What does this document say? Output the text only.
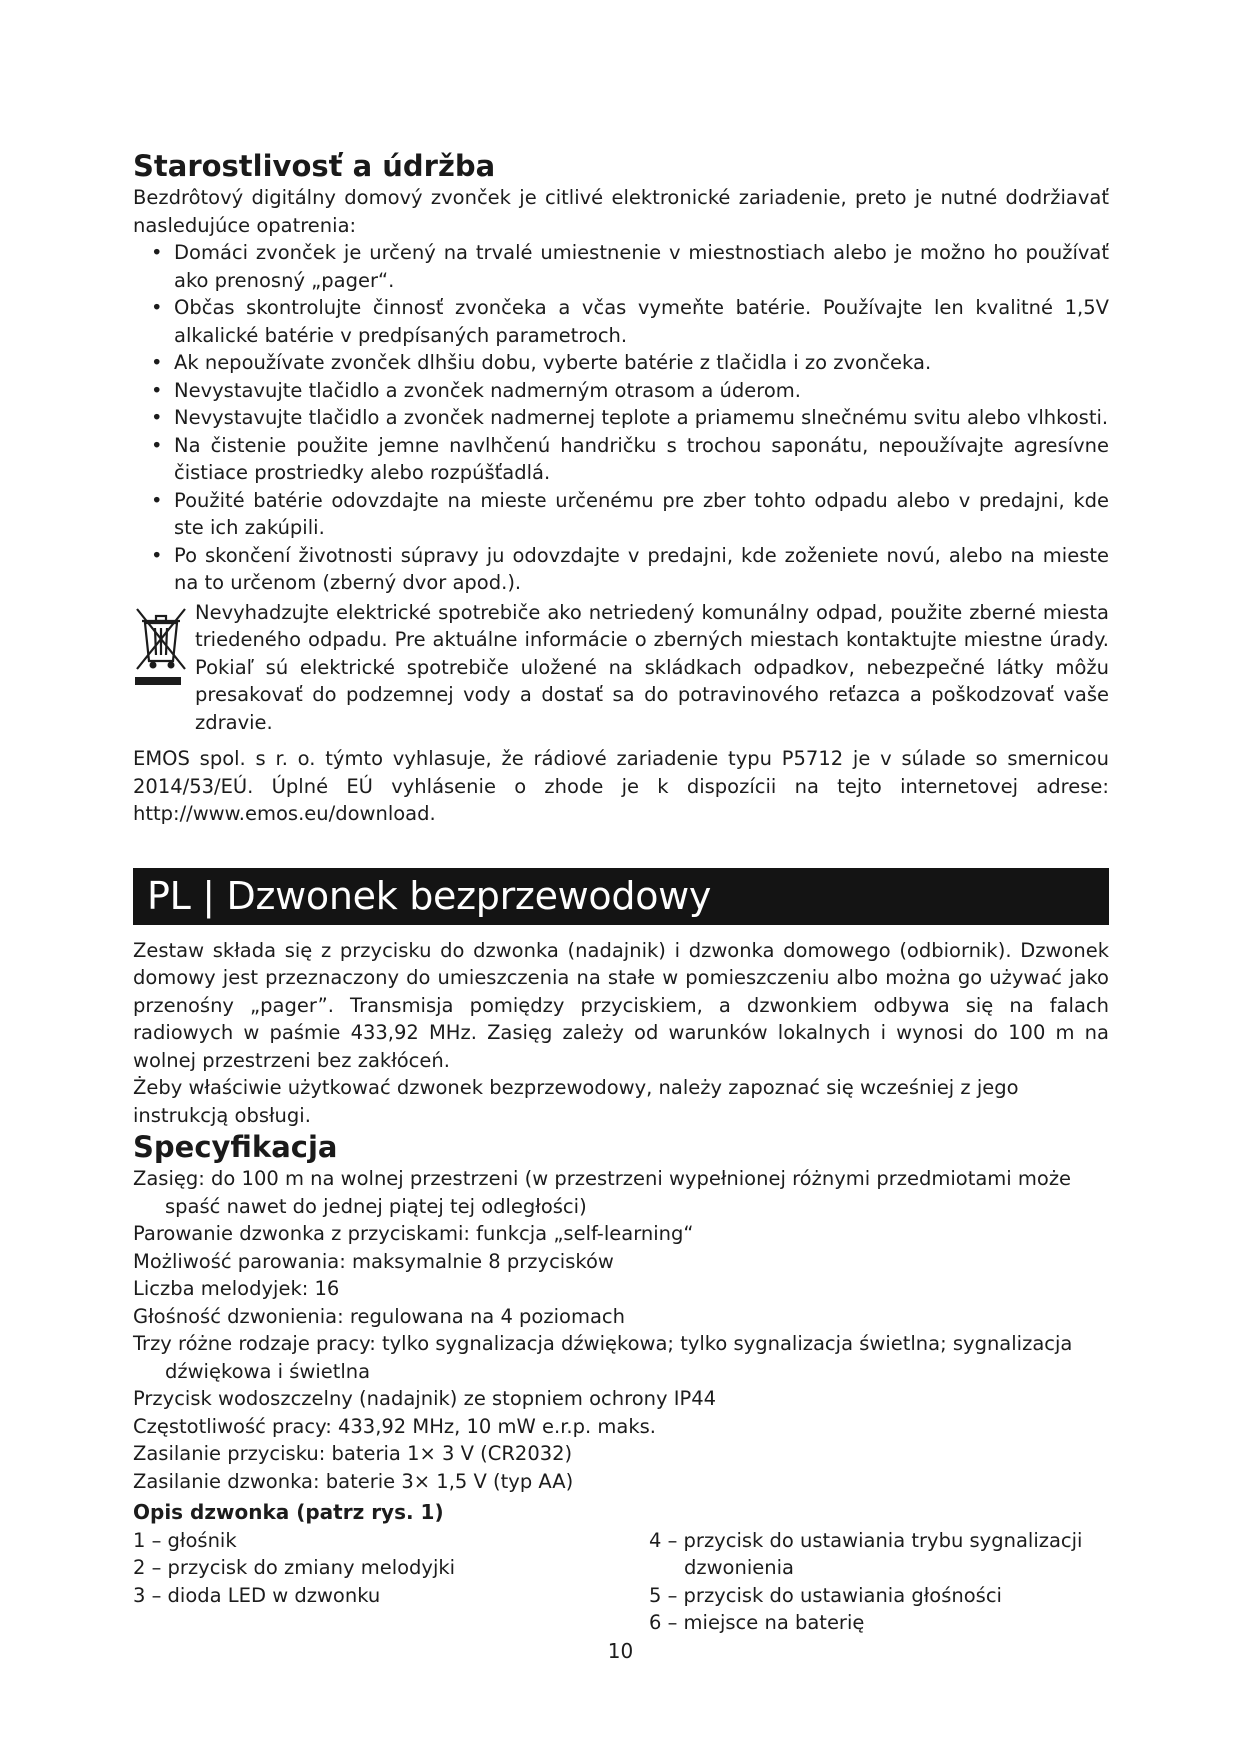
Starostlivosť a údržba

Bezdrôtový digitálny domový zvonček je citlivé elektronické zariadenie, preto je nutné dodržiavať nasledujúce opatrenia:

• Domáci zvonček je určený na trvalé umiestnenie v miestnostiach alebo je možno ho používať ako prenosný „pager“.
• Občas skontrolujte činnosť zvončeka a včas vymeňte batérie. Používajte len kvalitné 1,5V alkalické batérie v predpísaných parametroch.
• Ak nepoužívate zvonček dlhšiu dobu, vyberte batérie z tlačidla i zo zvončeka.
• Nevystavujte tlačidlo a zvonček nadmerným otrasom a úderom.
• Nevystavujte tlačidlo a zvonček nadmernej teplote a priamemu slnečnému svitu alebo vlhkosti.
• Na čistenie použite jemne navlhčenú handričku s trochou saponátu, nepoužívajte agresívne čistiace prostriedky alebo rozpúšťadlá.
• Použité batérie odovzdajte na mieste určenému pre zber tohto odpadu alebo v predajni, kde ste ich zakúpili.
• Po skončení životnosti súpravy ju odovzdajte v predajni, kde zoženiete novú, alebo na mieste na to určenom (zberný dvor apod.).
Nevyhadzujte elektrické spotrebiče ako netriedený komunálny odpad, použite zberné miesta triedeného odpadu. Pre aktuálne informácie o zberných miestach kontaktujte miestne úrady. Pokiaľ sú elektrické spotrebiče uložené na skládkach odpadkov, nebezpečné látky môžu presakovať do podzemnej vody a dostať sa do potravinového reťazca a poškodzovať vaše zdravie.

EMOS spol. s r. o. týmto vyhlasuje, že rádiové zariadenie typu P5712 je v súlade so smernicou 2014/53/EÚ. Úplné EÚ vyhlásenie o zhode je k dispozícii na tejto internetovej adrese: http://www.emos.eu/download.

PL | Dzwonek bezprzewodowy

Zestaw składa się z przycisku do dzwonka (nadajnik) i dzwonka domowego (odbiornik). Dzwonek domowy jest przeznaczony do umieszczenia na stałe w pomieszczeniu albo można go używać jako przenośny „pager”. Transmisja pomiędzy przyciskiem, a dzwonkiem odbywa się na falach radiowych w paśmie 433,92 MHz. Zasięg zależy od warunków lokalnych i wynosi do 100 m na wolnej przestrzeni bez zakłóceń.

Żeby właściwie użytkować dzwonek bezprzewodowy, należy zapoznać się wcześniej z jego instrukcją obsługi.

Specyfikacja

Zasięg: do 100 m na wolnej przestrzeni (w przestrzeni wypełnionej różnymi przedmiotami może spaść nawet do jednej piątej tej odległości)

Parowanie dzwonka z przyciskami: funkcja „self-learning“

Możliwość parowania: maksymalnie 8 przycisków

Liczba melodyjek: 16

Głośność dzwonienia: regulowana na 4 poziomach

Trzy różne rodzaje pracy: tylko sygnalizacja dźwiękowa; tylko sygnalizacja świetlna; sygnalizacja dźwiękowa i świetlna

Przycisk wodoszczelny (nadajnik) ze stopniem ochrony IP44

Częstotliwość pracy: 433,92 MHz, 10 mW e.r.p. maks.

Zasilanie przycisku: bateria 1× 3 V (CR2032)

Zasilanie dzwonka: baterie 3× 1,5 V (typ AA)

Opis dzwonka (patrz rys. 1)

1 – głośnik

2 – przycisk do zmiany melodyjki

3 – dioda LED w dzwonku

4 – przycisk do ustawiania trybu sygnalizacji dzwonienia

5 – przycisk do ustawiania głośności

6 – miejsce na baterię

10
